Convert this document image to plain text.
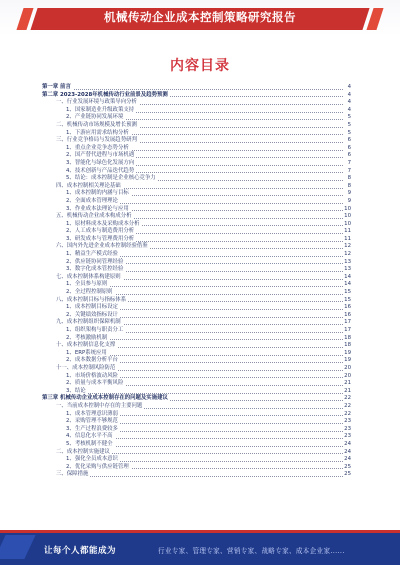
机械传动企业成本控制策略研究报告
内容目录
第一章 前言	4
第二章 2023-2028年机械传动行业前景及趋势预测	4
一、行业发展环境与政策导向分析	4
1、国家制造业升级政策支持	4
2、产业链协同发展环境	5
二、机械传动市场规模及增长预测	5
1、下游应用需求结构分析	5
三、行业竞争格局与发展趋势研判	6
1、重点企业竞争态势分析	6
2、国产替代进程与市场机遇	6
3、智能化与绿色化发展方向	7
4、技术创新与产品迭代趋势	7
5、结论：成本控制是企业核心竞争力	8
四、成本控制相关理论基础	8
1、成本控制的内涵与目标	9
2、全面成本管理理论	9
3、作业成本法理论与应用	10
五、机械传动企业成本构成分析	10
1、原材料成本及采购成本分析	10
2、人工成本与制造费用分析	11
3、研发成本与管理费用分析	11
六、国内外先进企业成本控制经验借鉴	12
1、精益生产模式经验	12
2、供应链协同管理经验	13
3、数字化成本管控经验	13
七、成本控制体系构建原则	14
1、全员参与原则	14
2、全过程控制原则	15
八、成本控制目标与指标体系	15
1、成本控制目标设定	16
2、关键绩效指标设计	16
九、成本控制组织保障机制	17
1、组织架构与职责分工	17
2、考核激励机制	18
十、成本控制信息化支撑	18
1、ERP系统应用	19
2、成本数据分析平台	19
十一、成本控制风险防范	20
1、市场价格波动风险	20
2、质量与成本平衡风险	21
3、结论	21
第三章 机械传动企业成本控制存在的问题及实施建议	22
一、当前成本控制中存在的主要问题	22
1、成本管理意识薄弱	22
2、采购管理不够规范	23
3、生产过程浪费较多	23
4、信息化水平不高	23
5、考核机制不健全	24
二、成本控制实施建议	24
1、强化全员成本意识	24
2、优化采购与供应链管理	25
三、保障措施	25
让每个人都能成为	行业专家、管理专家、营销专家、战略专家、成本企业家......
